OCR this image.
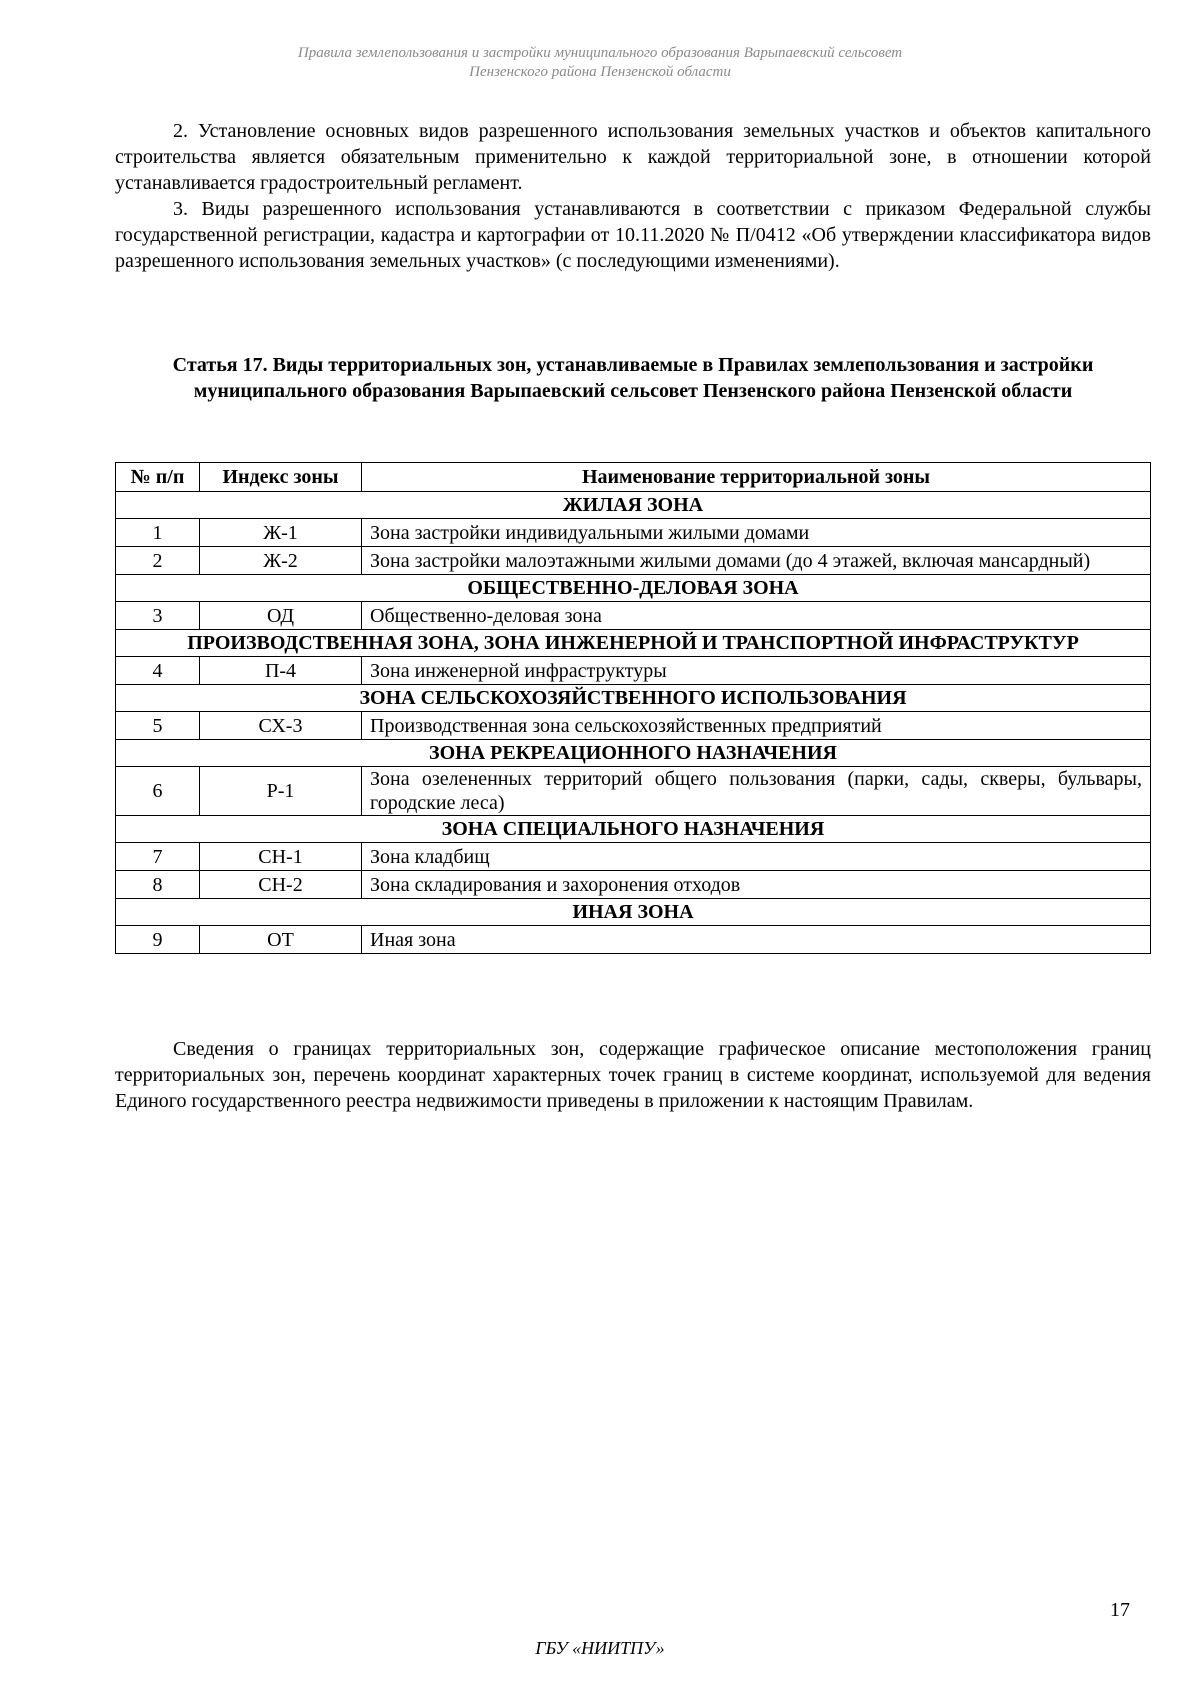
Правила землепользования и застройки муниципального образования Варыпаевский сельсовет
Пензенского района Пензенской области

2. Установление основных видов разрешенного использования земельных участков и объектов капитального строительства является обязательным применительно к каждой территориальной зоне, в отношении которой устанавливается градостроительный регламент.

3. Виды разрешенного использования устанавливаются в соответствии с приказом Федеральной службы государственной регистрации, кадастра и картографии от 10.11.2020 № П/0412 «Об утверждении классификатора видов разрешенного использования земельных участков» (с последующими изменениями).

Статья 17. Виды территориальных зон, устанавливаемые в Правилах землепользования и застройки муниципального образования Варыпаевский сельсовет Пензенского района Пензенской области

№ п/п	Индекс зоны	Наименование территориальной зоны
ЖИЛАЯ ЗОНА		
1	Ж-1	Зона застройки индивидуальными жилыми домами
2	Ж-2	Зона застройки малоэтажными жилыми домами (до 4 этажей, включая мансардный)
ОБЩЕСТВЕННО-ДЕЛОВАЯ ЗОНА		
3	ОД	Общественно-деловая зона
ПРОИЗВОДСТВЕННАЯ ЗОНА, ЗОНА ИНЖЕНЕРНОЙ И ТРАНСПОРТНОЙ ИНФРАСТРУКТУР		
4	П-4	Зона инженерной инфраструктуры
ЗОНА СЕЛЬСКОХОЗЯЙСТВЕННОГО ИСПОЛЬЗОВАНИЯ		
5	СХ-3	Производственная зона сельскохозяйственных предприятий
ЗОНА РЕКРЕАЦИОННОГО НАЗНАЧЕНИЯ		
6	Р-1	Зона озелененных территорий общего пользования (парки, сады, скверы, бульвары, городские леса)
ЗОНА СПЕЦИАЛЬНОГО НАЗНАЧЕНИЯ		
7	СН-1	Зона кладбищ
8	СН-2	Зона складирования и захоронения отходов
ИНАЯ ЗОНА		
9	ОТ	Иная зона

Сведения о границах территориальных зон, содержащие графическое описание местоположения границ территориальных зон, перечень координат характерных точек границ в системе координат, используемой для ведения Единого государственного реестра недвижимости приведены в приложении к настоящим Правилам.

17
ГБУ «НИИТПУ»
